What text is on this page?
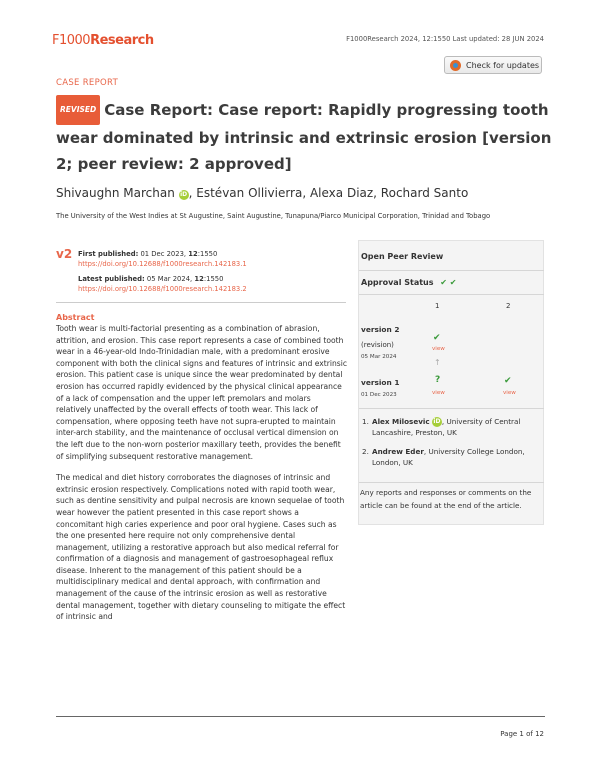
F1000Research	F1000Research 2024, 12:1550 Last updated: 28 JUN 2024
Check for updates
CASE REPORT
REVISED Case Report: Case report: Rapidly progressing tooth wear dominated by intrinsic and extrinsic erosion [version 2; peer review: 2 approved]
Shivaughn Marchan iD, Estévan Ollivierra, Alexa Diaz, Rochard Santo
The University of the West Indies at St Augustine, Saint Augustine, Tunapuna/Piarco Municipal Corporation, Trinidad and Tobago
v2 First published: 01 Dec 2023, 12:1550
https://doi.org/10.12688/f1000research.142183.1
Latest published: 05 Mar 2024, 12:1550
https://doi.org/10.12688/f1000research.142183.2
Abstract

Tooth wear is multi-factorial presenting as a combination of abrasion, attrition, and erosion. This case report represents a case of combined tooth wear in a 46-year-old Indo-Trinidadian male, with a predominant erosive component with both the clinical signs and features of intrinsic and extrinsic erosion. This patient case is unique since the wear predominated by dental erosion has occurred rapidly evidenced by the physical clinical appearance of a lack of compensation and the upper left premolars and molars relatively unaffected by the overall effects of tooth wear. This lack of compensation, where opposing teeth have not supra-erupted to maintain inter-arch stability, and the maintenance of occlusal vertical dimension on the left due to the non-worn posterior maxillary teeth, provides the benefit of simplifying subsequent restorative management.

The medical and diet history corroborates the diagnoses of intrinsic and extrinsic erosion respectively. Complications noted with rapid tooth wear, such as dentine sensitivity and pulpal necrosis are known sequelae of tooth wear however the patient presented in this case report shows a concomitant high caries experience and poor oral hygiene. Cases such as the one presented here require not only comprehensive dental management, utilizing a restorative approach but also medical referral for confirmation of a diagnosis and management of gastroesophageal reflux disease. Inherent to the management of this patient should be a multidisciplinary medical and dental approach, with confirmation and management of the cause of the intrinsic erosion as well as restorative dental management, together with dietary counseling to mitigate the effect of intrinsic and

Open Peer Review
Approval Status ✔ ✔
1	2
version 2
(revision)
05 Mar 2024
✔
view
↑
version 1
01 Dec 2023
?
view
✔
view
1. Alex Milosevic iD, University of Central
Lancashire, Preston, UK
2. Andrew Eder, University College London,
London, UK
Any reports and responses or comments on the article can be found at the end of the article.
Page 1 of 12
